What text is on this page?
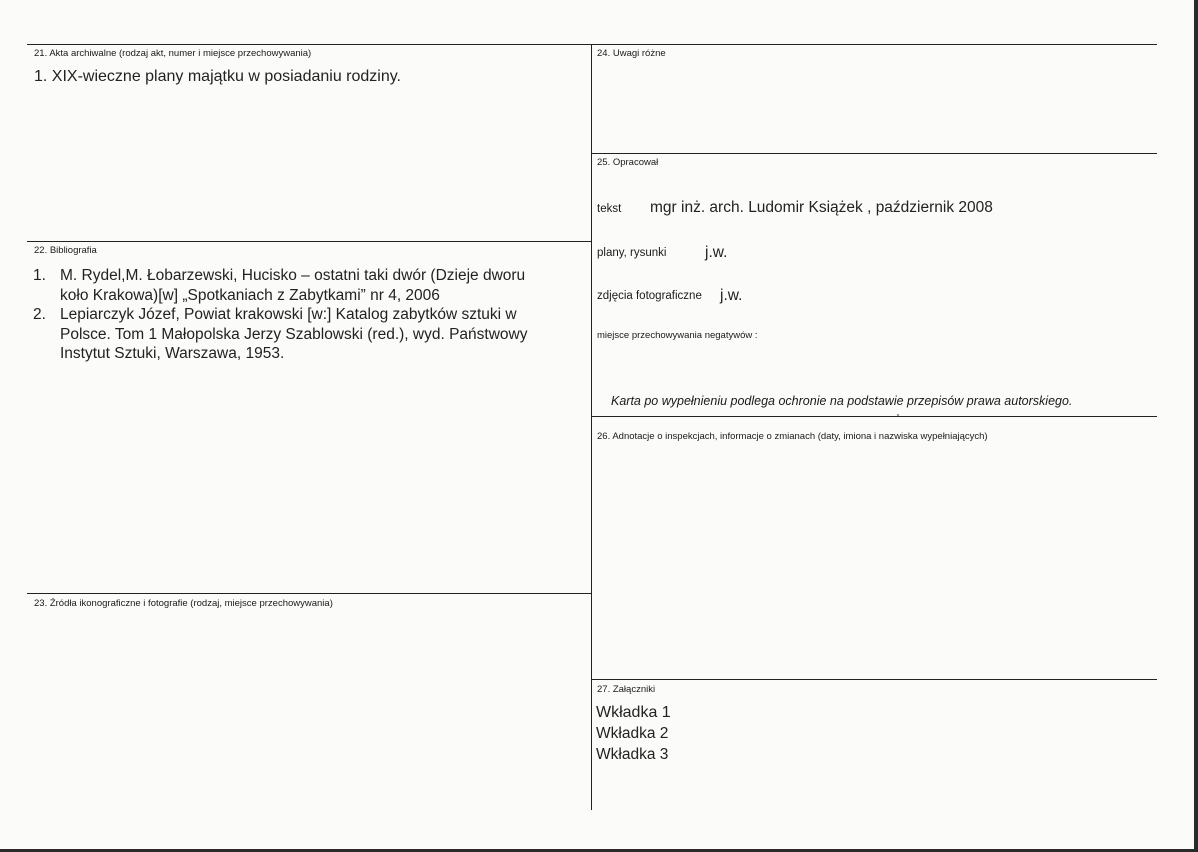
21. Akta archiwalne (rodzaj akt, numer i miejsce przechowywania)
1. XIX-wieczne plany majątku w posiadaniu rodziny.
22. Bibliografia
1. M. Rydel,M. Łobarzewski, Hucisko – ostatni taki dwór (Dzieje dworu
koło Krakowa)[w] „Spotkaniach z Zabytkami” nr 4, 2006
2. Lepiarczyk Józef, Powiat krakowski [w:] Katalog zabytków sztuki w
Polsce. Tom 1 Małopolska Jerzy Szablowski (red.), wyd. Państwowy
Instytut Sztuki, Warszawa, 1953.
23. Źródła ikonograficzne i fotografie (rodzaj, miejsce przechowywania)
24. Uwagi różne
25. Opracował
tekst mgr inż. arch. Ludomir Książek , październik 2008
plany, rysunki j.w.
zdjęcia fotograficzne j.w.
miejsce przechowywania negatywów :
Karta po wypełnieniu podlega ochronie na podstawie przepisów prawa autorskiego.
26. Adnotacje o inspekcjach, informacje o zmianach (daty, imiona i nazwiska wypełniających)
27. Załączniki
Wkładka 1
Wkładka 2
Wkładka 3
